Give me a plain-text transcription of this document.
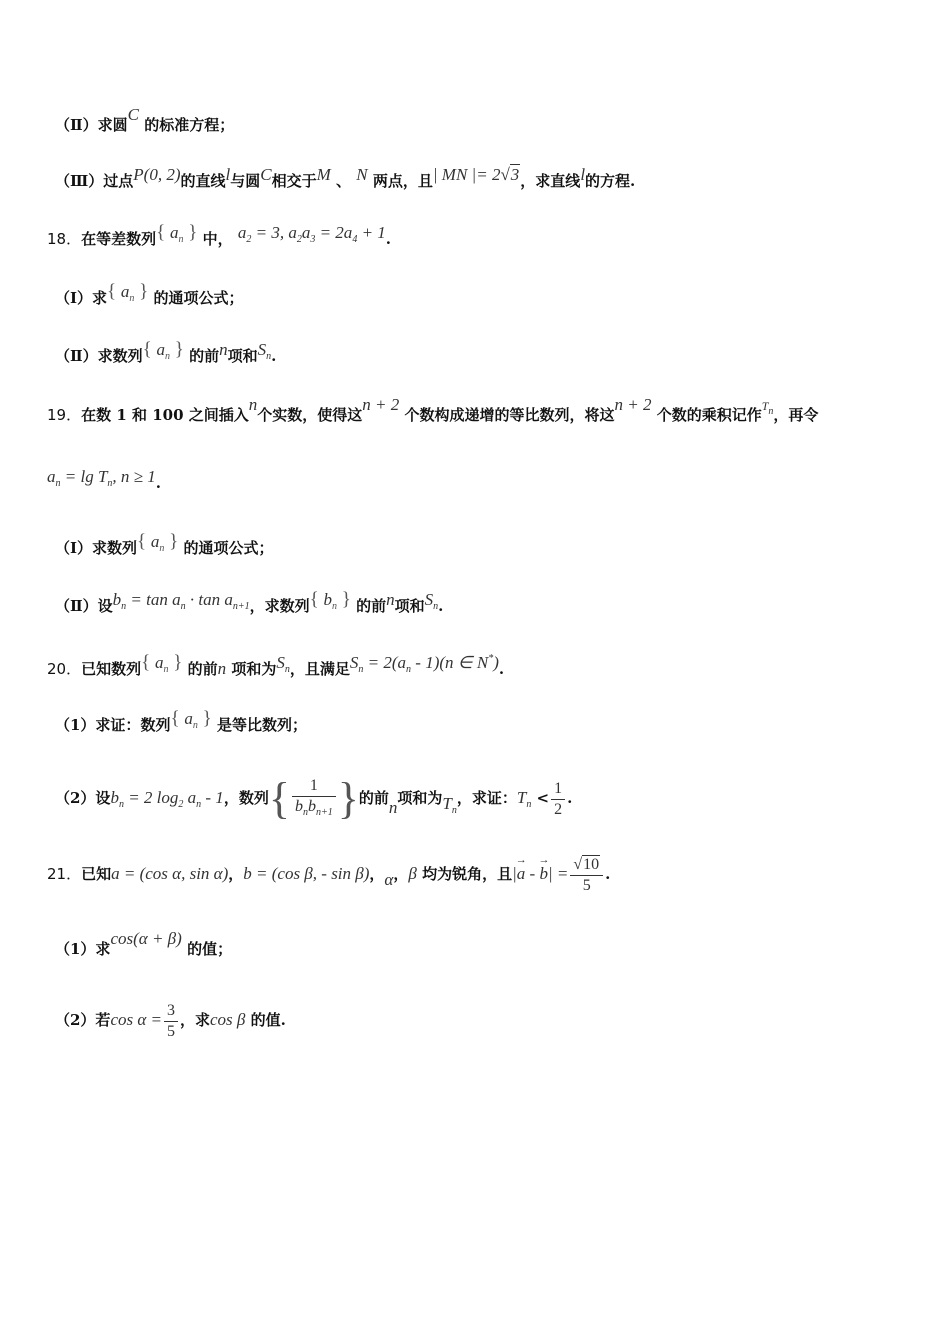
（Ⅱ）求圆C 的标准方程；
（Ⅲ）过点P(0, 2)的直线l与圆C相交于M 、 N 两点，且| MN |= 2√3，求直线l的方程.
18．在等差数列{ $a_n$ } 中， $a_2 = 3$, $a_2a_3 = 2a_4 + 1$.
（Ⅰ）求{ $a_n$ } 的通项公式；
（Ⅱ）求数列{ $a_n$ } 的前n项和$S_n$.
19．在数 1 和 100 之间插入n个实数，使得这n + 2 个数构成递增的等比数列，将这n + 2 个数的乘积记作$^{T_n}$，再令
$a_n = \lg T_n$, n ≥ 1.
（Ⅰ）求数列{ $a_n$ } 的通项公式；
（Ⅱ）设$b_n = \tan a_n \cdot \tan a_{n+1}$，求数列{ $b_n$ } 的前n项和$S_n$.
20．已知数列{ $a_n$ } 的前n 项和为$S_n$，且满足$S_n = 2(a_n - 1)(n$ ∈ N*).
（1）求证：数列{ $a_n$ } 是等比数列；
（2）设$b_n = 2$ $\log_2 a_n - 1$，数列{ $\frac{1}{b_nb_{n+1}}$ }的前n项和为$T_n$，求证：$T_n < \frac{1}{2}$ .
21．已知a = (cos α, sin α)，b = (cos β, - sin β)，α，β 均为锐角，且|→ a - → $b| = \frac{√10}{5}$ .
（1）求cos(α + β) 的值；
（2）若$\cos \alpha = \frac{3}{5}$ ，求cos β 的值.
